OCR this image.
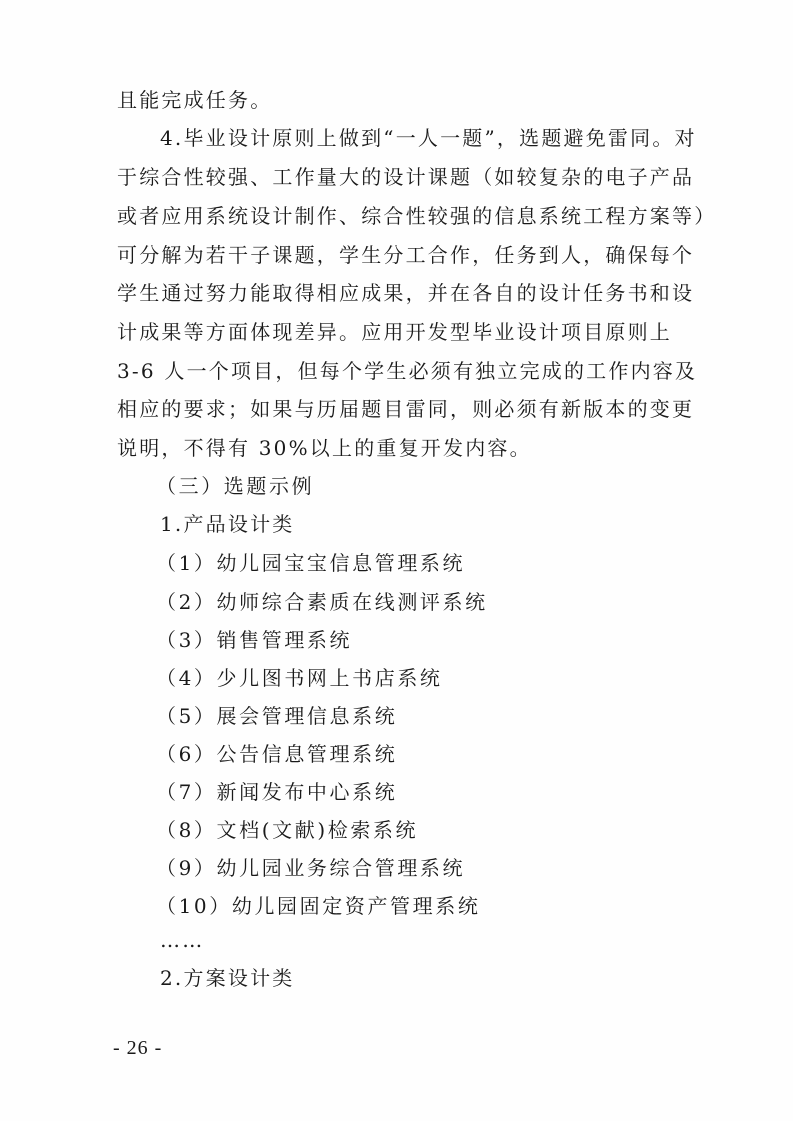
且能完成任务。
4.毕业设计原则上做到“一人一题”，选题避免雷同。对
于综合性较强、工作量大的设计课题（如较复杂的电子产品
或者应用系统设计制作、综合性较强的信息系统工程方案等）
可分解为若干子课题，学生分工合作，任务到人，确保每个
学生通过努力能取得相应成果，并在各自的设计任务书和设
计成果等方面体现差异。应用开发型毕业设计项目原则上
3-6 人一个项目，但每个学生必须有独立完成的工作内容及
相应的要求；如果与历届题目雷同，则必须有新版本的变更
说明，不得有 30%以上的重复开发内容。
（三）选题示例
1.产品设计类
（1）幼儿园宝宝信息管理系统
（2）幼师综合素质在线测评系统
（3）销售管理系统
（4）少儿图书网上书店系统
（5）展会管理信息系统
（6）公告信息管理系统
（7）新闻发布中心系统
（8）文档(文献)检索系统
（9）幼儿园业务综合管理系统
（10）幼儿园固定资产管理系统
……
2.方案设计类
- 26 -
